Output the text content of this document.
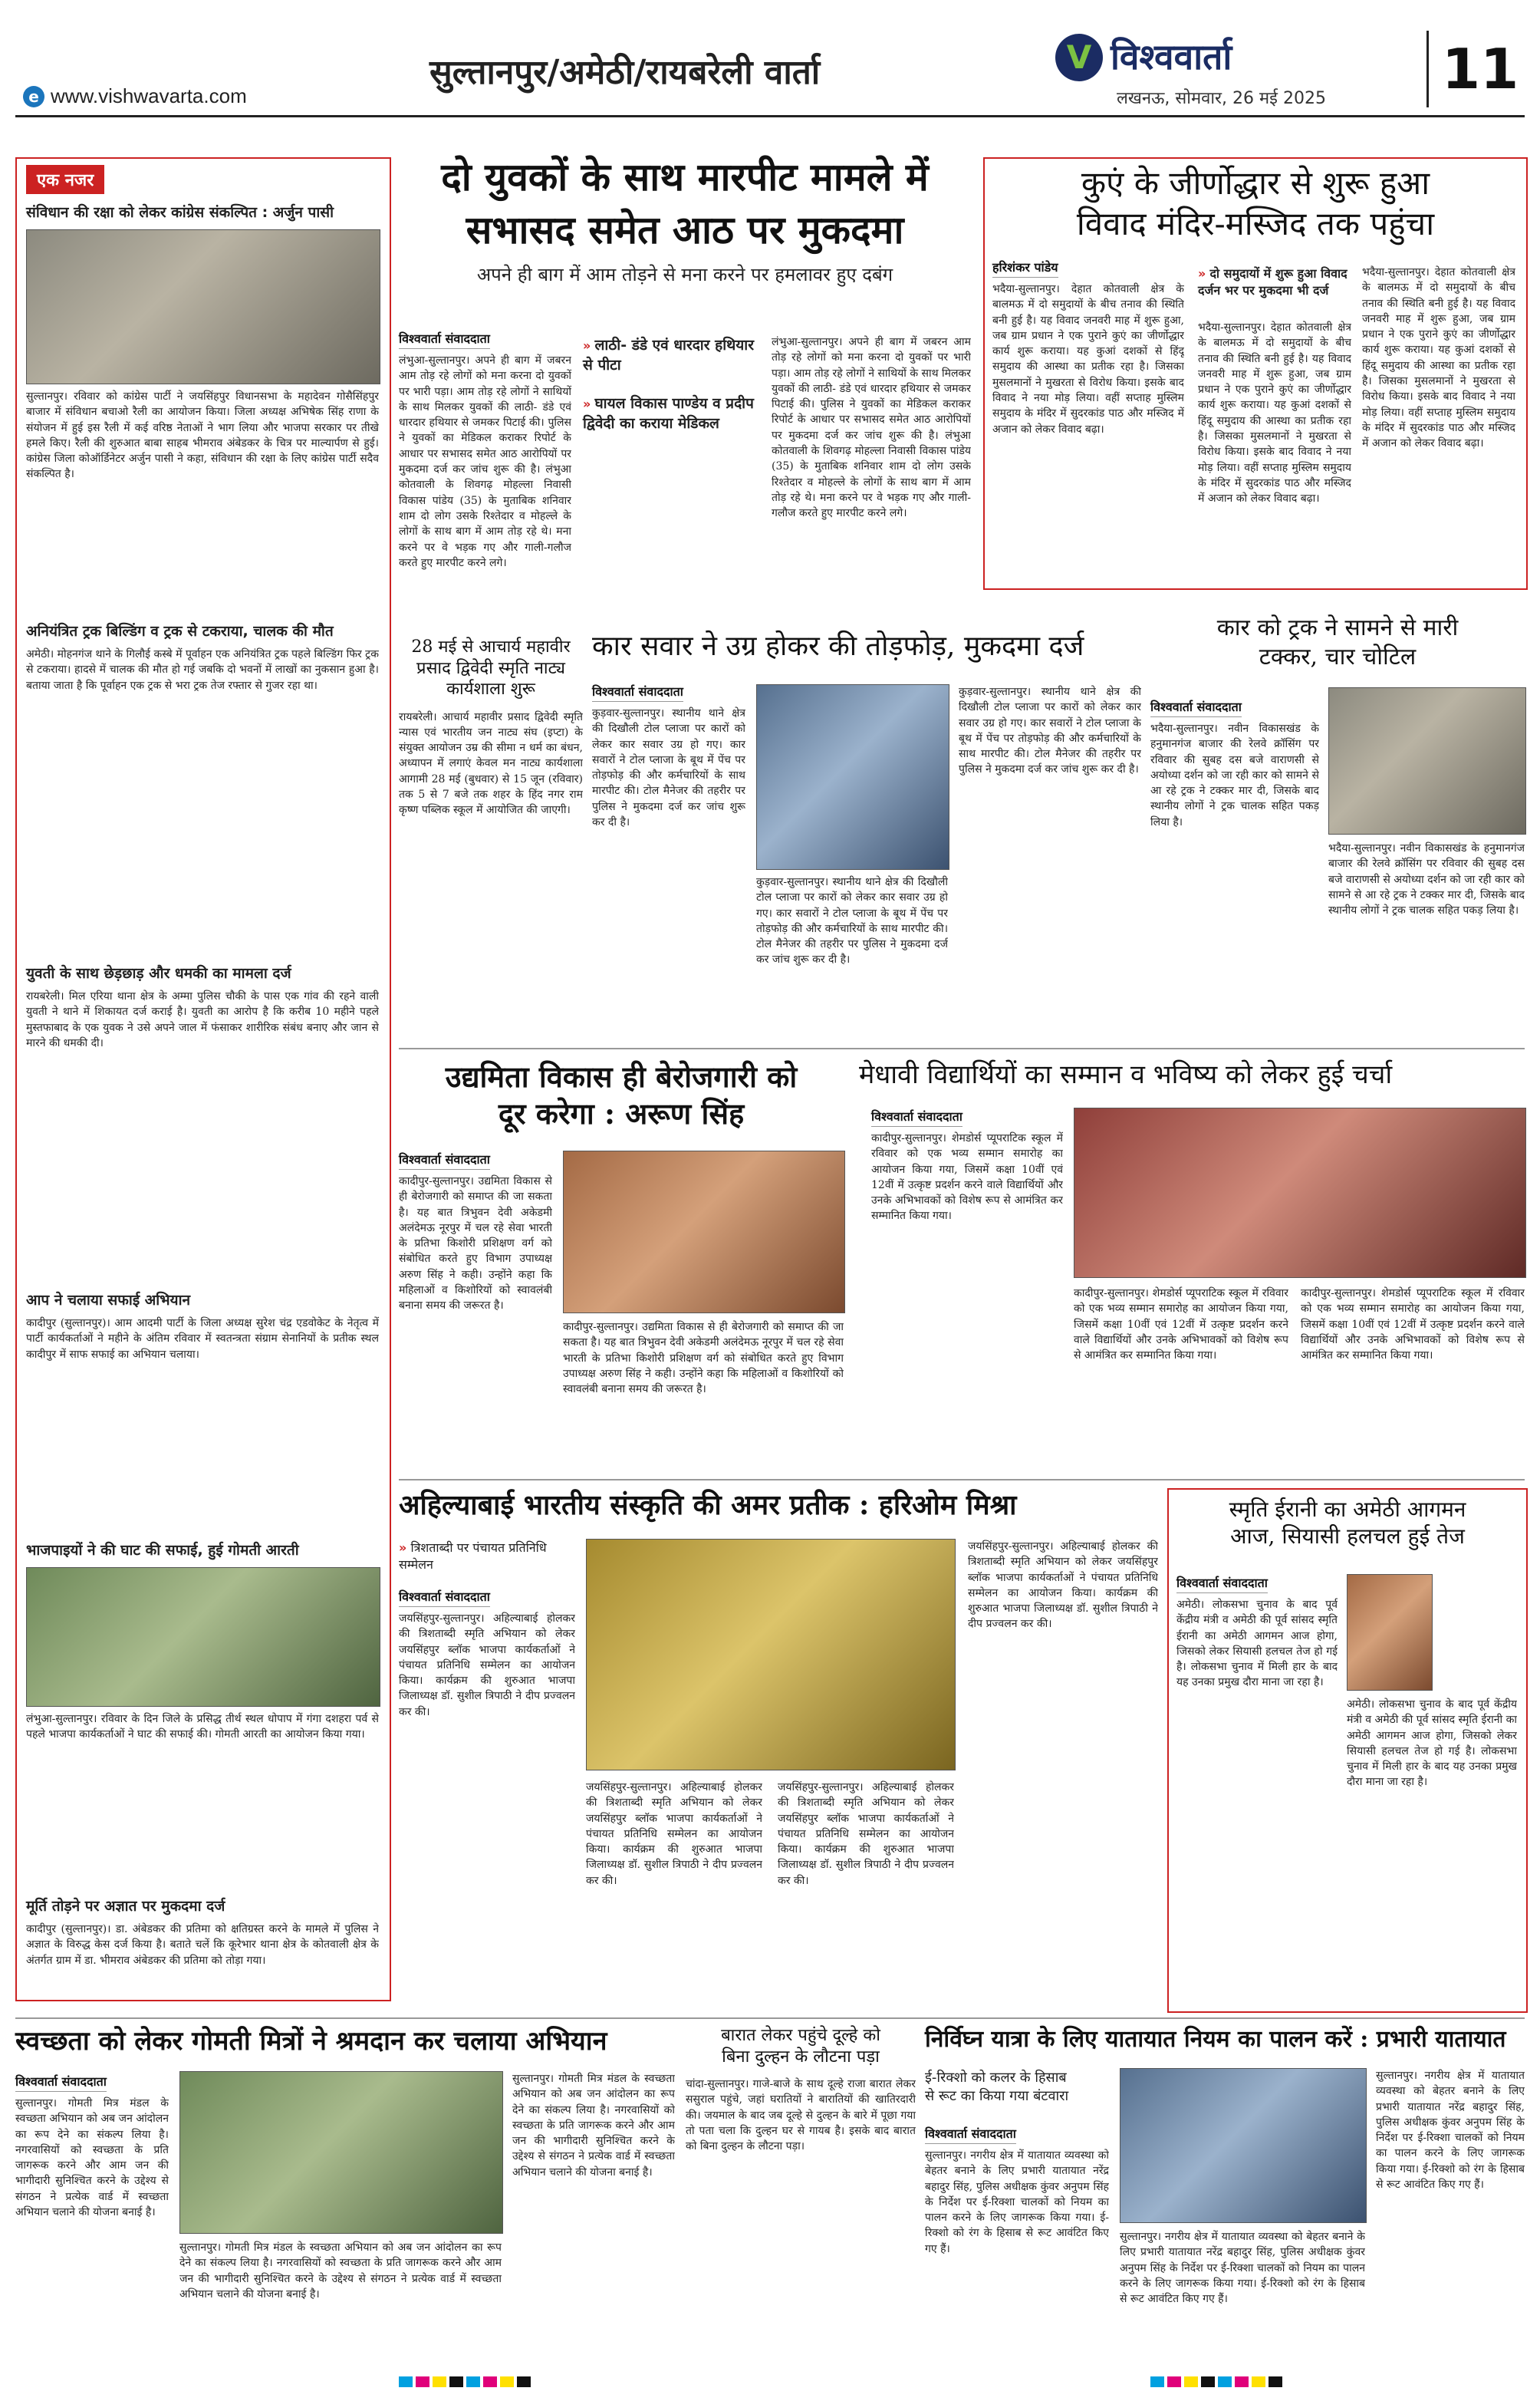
सुल्तानपुर/अमेठी/रायबरेली वार्ता
e www.vishwavarta.com
V विश्ववार्ता
लखनऊ, सोमवार, 26 मई 2025 11
एक नजर
संविधान की रक्षा को लेकर कांग्रेस संकल्पित : अर्जुन पासी
सुल्तानपुर। रविवार को कांग्रेस पार्टी ने जयसिंहपुर विधानसभा के महादेवन गोसैसिंहपुर बाजार में संविधान बचाओ रैली का आयोजन किया। जिला अध्यक्ष अभिषेक सिंह राणा के संयोजन में हुई इस रैली में कई वरिष्ठ नेताओं ने भाग लिया और भाजपा सरकार पर तीखे हमले किए। रैली की शुरुआत बाबा साहब भीमराव अंबेडकर के चित्र पर माल्यार्पण से हुई। कांग्रेस जिला कोऑर्डिनेटर अर्जुन पासी ने कहा, संविधान की रक्षा के लिए कांग्रेस पार्टी सदैव संकल्पित है।
अनियंत्रित ट्रक बिल्डिंग व ट्रक से टकराया, चालक की मौत
अमेठी। मोहनगंज थाने के गिलौई कस्बे में पूर्वाहन एक अनियंत्रित ट्रक पहले बिल्डिंग फिर ट्रक से टकराया। हादसे में चालक की मौत हो गई जबकि दो भवनों में लाखों का नुकसान हुआ है। बताया जाता है कि पूर्वाहन एक ट्रक से भरा ट्रक तेज रफ्तार से गुजर रहा था।
युवती के साथ छेड़छाड़ और धमकी का मामला दर्ज
रायबरेली। मिल एरिया थाना क्षेत्र के अम्मा पुलिस चौकी के पास एक गांव की रहने वाली युवती ने थाने में शिकायत दर्ज कराई है। युवती का आरोप है कि करीब 10 महीने पहले मुस्तफाबाद के एक युवक ने उसे अपने जाल में फंसाकर शारीरिक संबंध बनाए और जान से मारने की धमकी दी।
आप ने चलाया सफाई अभियान
कादीपुर (सुल्तानपुर)। आम आदमी पार्टी के जिला अध्यक्ष सुरेश चंद्र एडवोकेट के नेतृत्व में पार्टी कार्यकर्ताओं ने महीने के अंतिम रविवार में स्वतन्त्रता संग्राम सेनानियों के प्रतीक स्थल कादीपुर में साफ सफाई का अभियान चलाया।
भाजपाइयों ने की घाट की सफाई, हुई गोमती आरती
लंभुआ-सुल्तानपुर। रविवार के दिन जिले के प्रसिद्ध तीर्थ स्थल धोपाप में गंगा दशहरा पर्व से पहले भाजपा कार्यकर्ताओं ने घाट की सफाई की। गोमती आरती का आयोजन किया गया।
मूर्ति तोड़ने पर अज्ञात पर मुकदमा दर्ज
कादीपुर (सुल्तानपुर)। डा. अंबेडकर की प्रतिमा को क्षतिग्रस्त करने के मामले में पुलिस ने अज्ञात के विरुद्ध केस दर्ज किया है। बताते चलें कि कूरेभार थाना क्षेत्र के कोतवाली क्षेत्र के अंतर्गत ग्राम में डा. भीमराव अंबेडकर की प्रतिमा को तोड़ा गया।
दो युवकों के साथ मारपीट मामले में
सभासद समेत आठ पर मुकदमा
अपने ही बाग में आम तोड़ने से मना करने पर हमलावर हुए दबंग
विश्ववार्ता संवाददाता
लंभुआ-सुल्तानपुर। अपने ही बाग में जबरन आम तोड़ रहे लोगों को मना करना दो युवकों पर भारी पड़ा। आम तोड़ रहे लोगों ने साथियों के साथ मिलकर युवकों की लाठी- डंडे एवं धारदार हथियार से जमकर पिटाई की। पुलिस ने युवकों का मेडिकल कराकर रिपोर्ट के आधार पर सभासद समेत आठ आरोपियों पर मुकदमा दर्ज कर जांच शुरू की है। लंभुआ कोतवाली के शिवगढ़ मोहल्ला निवासी विकास पांडेय (35) के मुताबिक शनिवार शाम दो लोग उसके रिश्तेदार व मोहल्ले के लोगों के साथ बाग में आम तोड़ रहे थे। मना करने पर वे भड़क गए और गाली-गलौज करते हुए मारपीट करने लगे।
» लाठी- डंडे एवं धारदार हथियार से पीटा
» घायल विकास पाण्डेय व प्रदीप द्विवेदी का कराया मेडिकल

लंभुआ-सुल्तानपुर। अपने ही बाग में जबरन आम तोड़ रहे लोगों को मना करना दो युवकों पर भारी पड़ा। आम तोड़ रहे लोगों ने साथियों के साथ मिलकर युवकों की लाठी- डंडे एवं धारदार हथियार से जमकर पिटाई की। पुलिस ने युवकों का मेडिकल कराकर रिपोर्ट के आधार पर सभासद समेत आठ आरोपियों पर मुकदमा दर्ज कर जांच शुरू की है। लंभुआ कोतवाली के शिवगढ़ मोहल्ला निवासी विकास पांडेय (35) के मुताबिक शनिवार शाम दो लोग उसके रिश्तेदार व मोहल्ले के लोगों के साथ बाग में आम तोड़ रहे थे। मना करने पर वे भड़क गए और गाली-गलौज करते हुए मारपीट करने लगे।

कुएं के जीर्णोद्धार से शुरू हुआ
विवाद मंदिर-मस्जिद तक पहुंचा
हरिशंकर पांडेय
भदैया-सुल्तानपुर। देहात कोतवाली क्षेत्र के बालमऊ में दो समुदायों के बीच तनाव की स्थिति बनी हुई है। यह विवाद जनवरी माह में शुरू हुआ, जब ग्राम प्रधान ने एक पुराने कुएं का जीर्णोद्धार कार्य शुरू कराया। यह कुआं दशकों से हिंदू समुदाय की आस्था का प्रतीक रहा है। जिसका मुसलमानों ने मुखरता से विरोध किया। इसके बाद विवाद ने नया मोड़ लिया। वहीं सप्ताह मुस्लिम समुदाय के मंदिर में सुदरकांड पाठ और मस्जिद में अजान को लेकर विवाद बढ़ा।
» दो समुदायों में शुरू हुआ विवाद दर्जन भर पर मुकदमा भी दर्ज

भदैया-सुल्तानपुर। देहात कोतवाली क्षेत्र के बालमऊ में दो समुदायों के बीच तनाव की स्थिति बनी हुई है। यह विवाद जनवरी माह में शुरू हुआ, जब ग्राम प्रधान ने एक पुराने कुएं का जीर्णोद्धार कार्य शुरू कराया। यह कुआं दशकों से हिंदू समुदाय की आस्था का प्रतीक रहा है। जिसका मुसलमानों ने मुखरता से विरोध किया। इसके बाद विवाद ने नया मोड़ लिया। वहीं सप्ताह मुस्लिम समुदाय के मंदिर में सुदरकांड पाठ और मस्जिद में अजान को लेकर विवाद बढ़ा।

भदैया-सुल्तानपुर। देहात कोतवाली क्षेत्र के बालमऊ में दो समुदायों के बीच तनाव की स्थिति बनी हुई है। यह विवाद जनवरी माह में शुरू हुआ, जब ग्राम प्रधान ने एक पुराने कुएं का जीर्णोद्धार कार्य शुरू कराया। यह कुआं दशकों से हिंदू समुदाय की आस्था का प्रतीक रहा है। जिसका मुसलमानों ने मुखरता से विरोध किया। इसके बाद विवाद ने नया मोड़ लिया। वहीं सप्ताह मुस्लिम समुदाय के मंदिर में सुदरकांड पाठ और मस्जिद में अजान को लेकर विवाद बढ़ा।

28 मई से आचार्य महावीर प्रसाद द्विवेदी स्मृति नाट्य कार्यशाला शुरू
रायबरेली। आचार्य महावीर प्रसाद द्विवेदी स्मृति न्यास एवं भारतीय जन नाट्य संघ (इप्टा) के संयुक्त आयोजन उम्र की सीमा न धर्म का बंधन, अध्यापन में लगाएं केवल मन नाट्य कार्यशाला आगामी 28 मई (बुधवार) से 15 जून (रविवार) तक 5 से 7 बजे तक शहर के हिंद नगर राम कृष्ण पब्लिक स्कूल में आयोजित की जाएगी।
कार सवार ने उग्र होकर की तोड़फोड़, मुकदमा दर्ज
विश्ववार्ता संवाददाता
कुड़वार-सुल्तानपुर। स्थानीय थाने क्षेत्र की दिखौली टोल प्लाजा पर कारों को लेकर कार सवार उग्र हो गए। कार सवारों ने टोल प्लाजा के बूथ में पेंच पर तोड़फोड़ की और कर्मचारियों के साथ मारपीट की। टोल मैनेजर की तहरीर पर पुलिस ने मुकदमा दर्ज कर जांच शुरू कर दी है।

कुड़वार-सुल्तानपुर। स्थानीय थाने क्षेत्र की दिखौली टोल प्लाजा पर कारों को लेकर कार सवार उग्र हो गए। कार सवारों ने टोल प्लाजा के बूथ में पेंच पर तोड़फोड़ की और कर्मचारियों के साथ मारपीट की। टोल मैनेजर की तहरीर पर पुलिस ने मुकदमा दर्ज कर जांच शुरू कर दी है।

कुड़वार-सुल्तानपुर। स्थानीय थाने क्षेत्र की दिखौली टोल प्लाजा पर कारों को लेकर कार सवार उग्र हो गए। कार सवारों ने टोल प्लाजा के बूथ में पेंच पर तोड़फोड़ की और कर्मचारियों के साथ मारपीट की। टोल मैनेजर की तहरीर पर पुलिस ने मुकदमा दर्ज कर जांच शुरू कर दी है।

कार को ट्रक ने सामने से मारी
टक्कर, चार चोटिल
विश्ववार्ता संवाददाता
भदैया-सुल्तानपुर। नवीन विकासखंड के हनुमानगंज बाजार की रेलवे क्रॉसिंग पर रविवार की सुबह दस बजे वाराणसी से अयोध्या दर्शन को जा रही कार को सामने से आ रहे ट्रक ने टक्कर मार दी, जिसके बाद स्थानीय लोगों ने ट्रक चालक सहित पकड़ लिया है।

भदैया-सुल्तानपुर। नवीन विकासखंड के हनुमानगंज बाजार की रेलवे क्रॉसिंग पर रविवार की सुबह दस बजे वाराणसी से अयोध्या दर्शन को जा रही कार को सामने से आ रहे ट्रक ने टक्कर मार दी, जिसके बाद स्थानीय लोगों ने ट्रक चालक सहित पकड़ लिया है।

उद्यमिता विकास ही बेरोजगारी को
दूर करेगा : अरूण सिंह
विश्ववार्ता संवाददाता
कादीपुर-सुल्तानपुर। उद्यमिता विकास से ही बेरोजगारी को समाप्त की जा सकता है। यह बात त्रिभुवन देवी अकेडमी अलंदेमऊ नूरपुर में चल रहे सेवा भारती के प्रतिभा किशोरी प्रशिक्षण वर्ग को संबोधित करते हुए विभाग उपाध्यक्ष अरुण सिंह ने कही। उन्होंने कहा कि महिलाओं व किशोरियों को स्वावलंबी बनाना समय की जरूरत है।

कादीपुर-सुल्तानपुर। उद्यमिता विकास से ही बेरोजगारी को समाप्त की जा सकता है। यह बात त्रिभुवन देवी अकेडमी अलंदेमऊ नूरपुर में चल रहे सेवा भारती के प्रतिभा किशोरी प्रशिक्षण वर्ग को संबोधित करते हुए विभाग उपाध्यक्ष अरुण सिंह ने कही। उन्होंने कहा कि महिलाओं व किशोरियों को स्वावलंबी बनाना समय की जरूरत है।

मेधावी विद्यार्थियों का सम्मान व भविष्य को लेकर हुई चर्चा
विश्ववार्ता संवाददाता
कादीपुर-सुल्तानपुर। शेमडोर्स प्यूपराटिक स्कूल में रविवार को एक भव्य सम्मान समारोह का आयोजन किया गया, जिसमें कक्षा 10वीं एवं 12वीं में उत्कृष्ट प्रदर्शन करने वाले विद्यार्थियों और उनके अभिभावकों को विशेष रूप से आमंत्रित कर सम्मानित किया गया।

कादीपुर-सुल्तानपुर। शेमडोर्स प्यूपराटिक स्कूल में रविवार को एक भव्य सम्मान समारोह का आयोजन किया गया, जिसमें कक्षा 10वीं एवं 12वीं में उत्कृष्ट प्रदर्शन करने वाले विद्यार्थियों और उनके अभिभावकों को विशेष रूप से आमंत्रित कर सम्मानित किया गया।

कादीपुर-सुल्तानपुर। शेमडोर्स प्यूपराटिक स्कूल में रविवार को एक भव्य सम्मान समारोह का आयोजन किया गया, जिसमें कक्षा 10वीं एवं 12वीं में उत्कृष्ट प्रदर्शन करने वाले विद्यार्थियों और उनके अभिभावकों को विशेष रूप से आमंत्रित कर सम्मानित किया गया।

अहिल्याबाई भारतीय संस्कृति की अमर प्रतीक : हरिओम मिश्रा
» त्रिशताब्दी पर पंचायत प्रतिनिधि सम्मेलन
विश्ववार्ता संवाददाता
जयसिंहपुर-सुल्तानपुर। अहिल्याबाई होलकर की त्रिशताब्दी स्मृति अभियान को लेकर जयसिंहपुर ब्लॉक भाजपा कार्यकर्ताओं ने पंचायत प्रतिनिधि सम्मेलन का आयोजन किया। कार्यक्रम की शुरुआत भाजपा जिलाध्यक्ष डॉ. सुशील त्रिपाठी ने दीप प्रज्वलन कर की।

जयसिंहपुर-सुल्तानपुर। अहिल्याबाई होलकर की त्रिशताब्दी स्मृति अभियान को लेकर जयसिंहपुर ब्लॉक भाजपा कार्यकर्ताओं ने पंचायत प्रतिनिधि सम्मेलन का आयोजन किया। कार्यक्रम की शुरुआत भाजपा जिलाध्यक्ष डॉ. सुशील त्रिपाठी ने दीप प्रज्वलन कर की।

जयसिंहपुर-सुल्तानपुर। अहिल्याबाई होलकर की त्रिशताब्दी स्मृति अभियान को लेकर जयसिंहपुर ब्लॉक भाजपा कार्यकर्ताओं ने पंचायत प्रतिनिधि सम्मेलन का आयोजन किया। कार्यक्रम की शुरुआत भाजपा जिलाध्यक्ष डॉ. सुशील त्रिपाठी ने दीप प्रज्वलन कर की।

जयसिंहपुर-सुल्तानपुर। अहिल्याबाई होलकर की त्रिशताब्दी स्मृति अभियान को लेकर जयसिंहपुर ब्लॉक भाजपा कार्यकर्ताओं ने पंचायत प्रतिनिधि सम्मेलन का आयोजन किया। कार्यक्रम की शुरुआत भाजपा जिलाध्यक्ष डॉ. सुशील त्रिपाठी ने दीप प्रज्वलन कर की।

स्मृति ईरानी का अमेठी आगमन
आज, सियासी हलचल हुई तेज
विश्ववार्ता संवाददाता
अमेठी। लोकसभा चुनाव के बाद पूर्व केंद्रीय मंत्री व अमेठी की पूर्व सांसद स्मृति ईरानी का अमेठी आगमन आज होगा, जिसको लेकर सियासी हलचल तेज हो गई है। लोकसभा चुनाव में मिली हार के बाद यह उनका प्रमुख दौरा माना जा रहा है।

अमेठी। लोकसभा चुनाव के बाद पूर्व केंद्रीय मंत्री व अमेठी की पूर्व सांसद स्मृति ईरानी का अमेठी आगमन आज होगा, जिसको लेकर सियासी हलचल तेज हो गई है। लोकसभा चुनाव में मिली हार के बाद यह उनका प्रमुख दौरा माना जा रहा है।

स्वच्छता को लेकर गोमती मित्रों ने श्रमदान कर चलाया अभियान
विश्ववार्ता संवाददाता
सुल्तानपुर। गोमती मित्र मंडल के स्वच्छता अभियान को अब जन आंदोलन का रूप देने का संकल्प लिया है। नगरवासियों को स्वच्छता के प्रति जागरूक करने और आम जन की भागीदारी सुनिश्चित करने के उद्देश्य से संगठन ने प्रत्येक वार्ड में स्वच्छता अभियान चलाने की योजना बनाई है।

सुल्तानपुर। गोमती मित्र मंडल के स्वच्छता अभियान को अब जन आंदोलन का रूप देने का संकल्प लिया है। नगरवासियों को स्वच्छता के प्रति जागरूक करने और आम जन की भागीदारी सुनिश्चित करने के उद्देश्य से संगठन ने प्रत्येक वार्ड में स्वच्छता अभियान चलाने की योजना बनाई है।

सुल्तानपुर। गोमती मित्र मंडल के स्वच्छता अभियान को अब जन आंदोलन का रूप देने का संकल्प लिया है। नगरवासियों को स्वच्छता के प्रति जागरूक करने और आम जन की भागीदारी सुनिश्चित करने के उद्देश्य से संगठन ने प्रत्येक वार्ड में स्वच्छता अभियान चलाने की योजना बनाई है।

बारात लेकर पहुंचे दूल्हे को
बिना दुल्हन के लौटना पड़ा
चांदा-सुल्तानपुर। गाजे-बाजे के साथ दूल्हे राजा बारात लेकर ससुराल पहुंचे, जहां घरातियों ने बारातियों की खातिरदारी की। जयमाल के बाद जब दूल्हे से दुल्हन के बारे में पूछा गया तो पता चला कि दुल्हन घर से गायब है। इसके बाद बारात को बिना दुल्हन के लौटना पड़ा।
निर्विघ्न यात्रा के लिए यातायात नियम का पालन करें : प्रभारी यातायात
ई-रिक्शो को कलर के हिसाब
से रूट का किया गया बंटवारा
विश्ववार्ता संवाददाता
सुल्तानपुर। नगरीय क्षेत्र में यातायात व्यवस्था को बेहतर बनाने के लिए प्रभारी यातायात नरेंद्र बहादुर सिंह, पुलिस अधीक्षक कुंवर अनुपम सिंह के निर्देश पर ई-रिक्शा चालकों को नियम का पालन करने के लिए जागरूक किया गया। ई-रिक्शो को रंग के हिसाब से रूट आवंटित किए गए हैं।

सुल्तानपुर। नगरीय क्षेत्र में यातायात व्यवस्था को बेहतर बनाने के लिए प्रभारी यातायात नरेंद्र बहादुर सिंह, पुलिस अधीक्षक कुंवर अनुपम सिंह के निर्देश पर ई-रिक्शा चालकों को नियम का पालन करने के लिए जागरूक किया गया। ई-रिक्शो को रंग के हिसाब से रूट आवंटित किए गए हैं।

सुल्तानपुर। नगरीय क्षेत्र में यातायात व्यवस्था को बेहतर बनाने के लिए प्रभारी यातायात नरेंद्र बहादुर सिंह, पुलिस अधीक्षक कुंवर अनुपम सिंह के निर्देश पर ई-रिक्शा चालकों को नियम का पालन करने के लिए जागरूक किया गया। ई-रिक्शो को रंग के हिसाब से रूट आवंटित किए गए हैं।
